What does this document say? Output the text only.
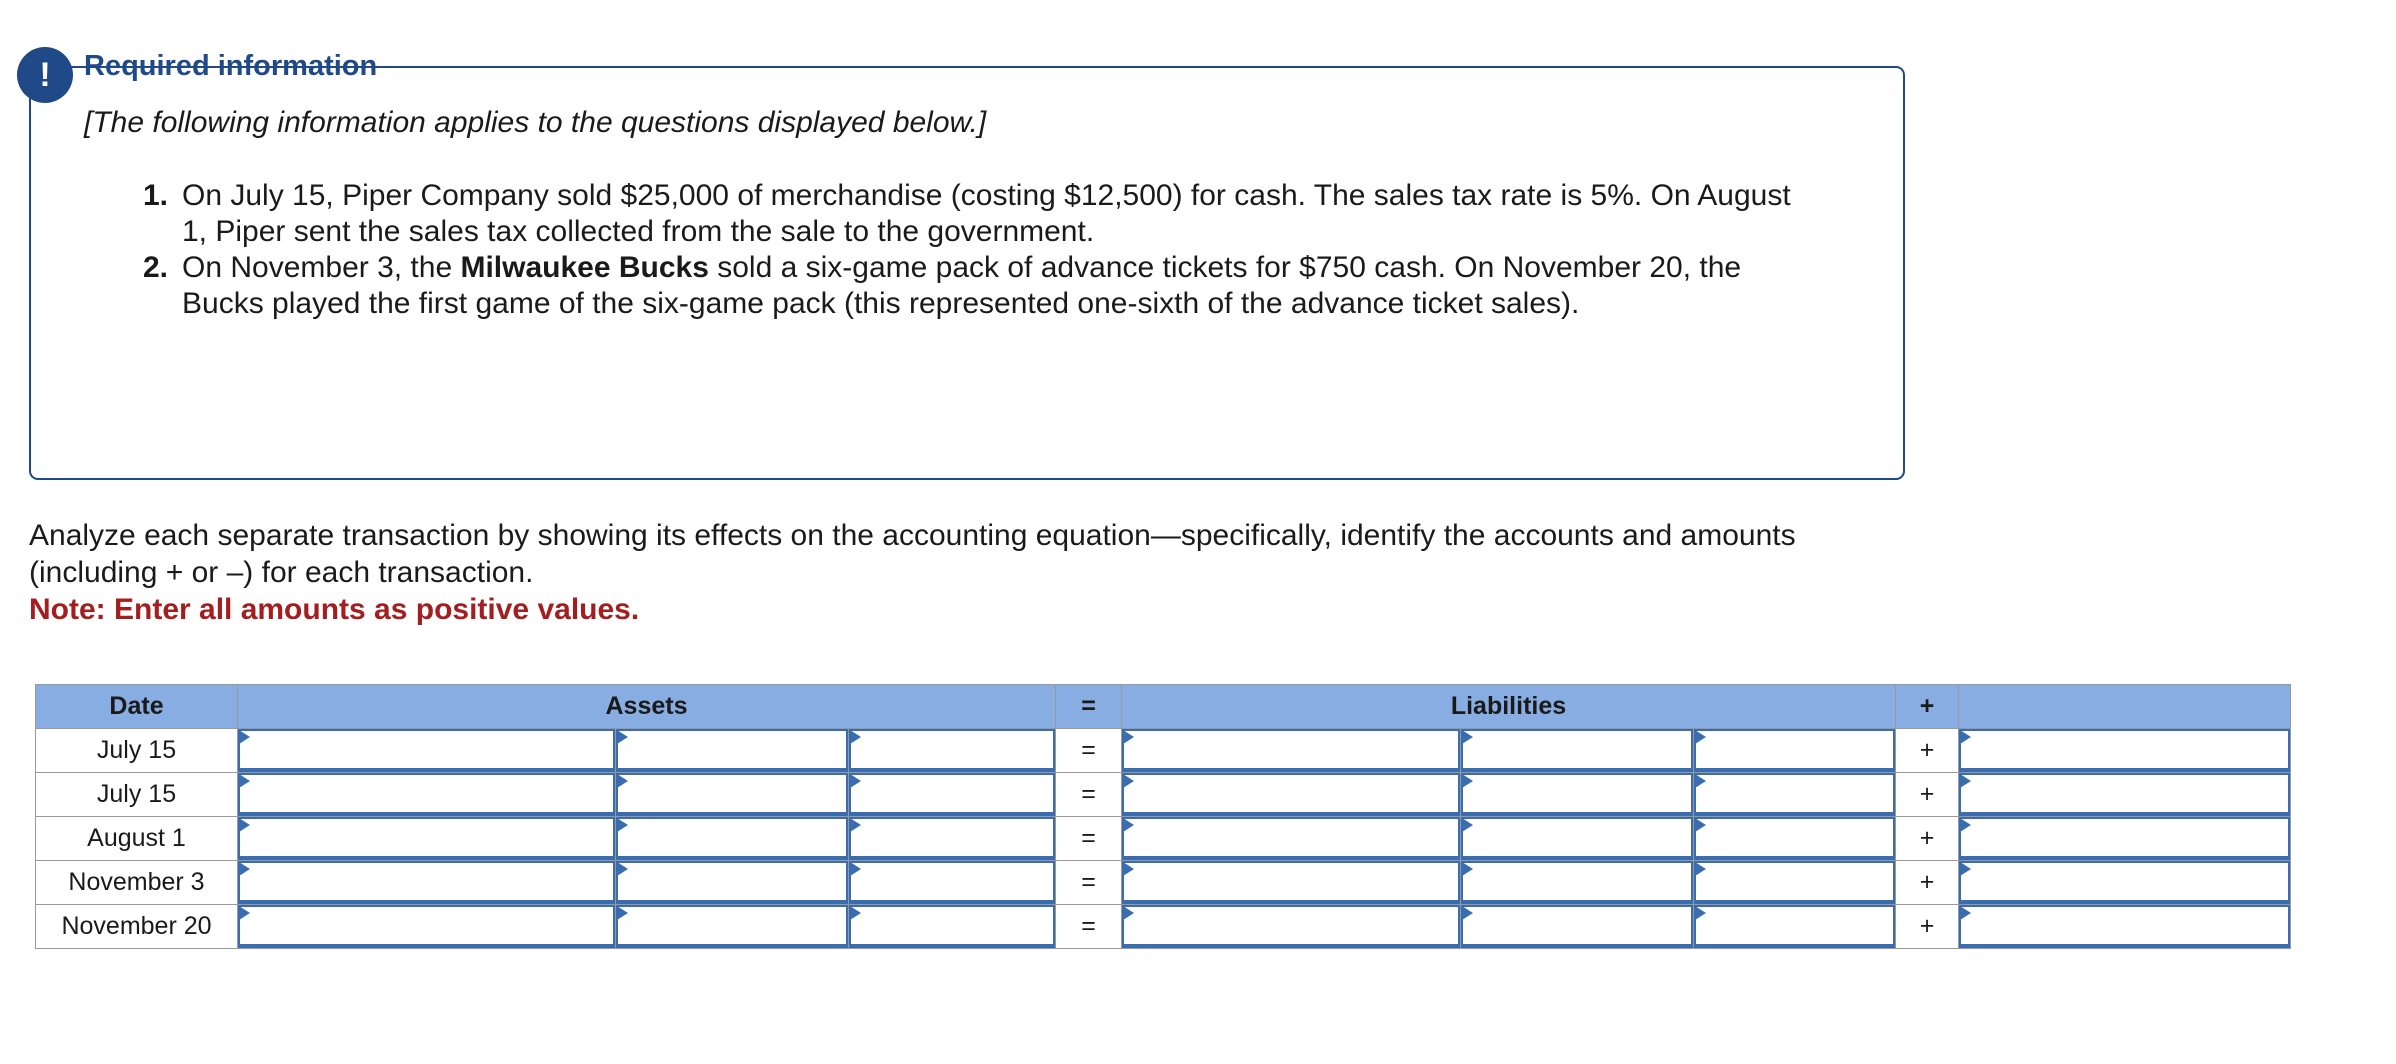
!	Required information
[The following information applies to the questions displayed below.]
1. On July 15, Piper Company sold $25,000 of merchandise (costing $12,500) for cash. The sales tax rate is 5%. On August 1, Piper sent the sales tax collected from the sale to the government.
2. On November 3, the Milwaukee Bucks sold a six-game pack of advance tickets for $750 cash. On November 20, the Bucks played the first game of the six-game pack (this represented one-sixth of the advance ticket sales).
Analyze each separate transaction by showing its effects on the accounting equation—specifically, identify the accounts and amounts (including + or –) for each transaction.
Note: Enter all amounts as positive values.
Date	Assets			=	Liabilities			+	
July 15				=				+	

July 15				=				+	

August 1				=				+	

November 3				=				+	

November 20				=				+	
